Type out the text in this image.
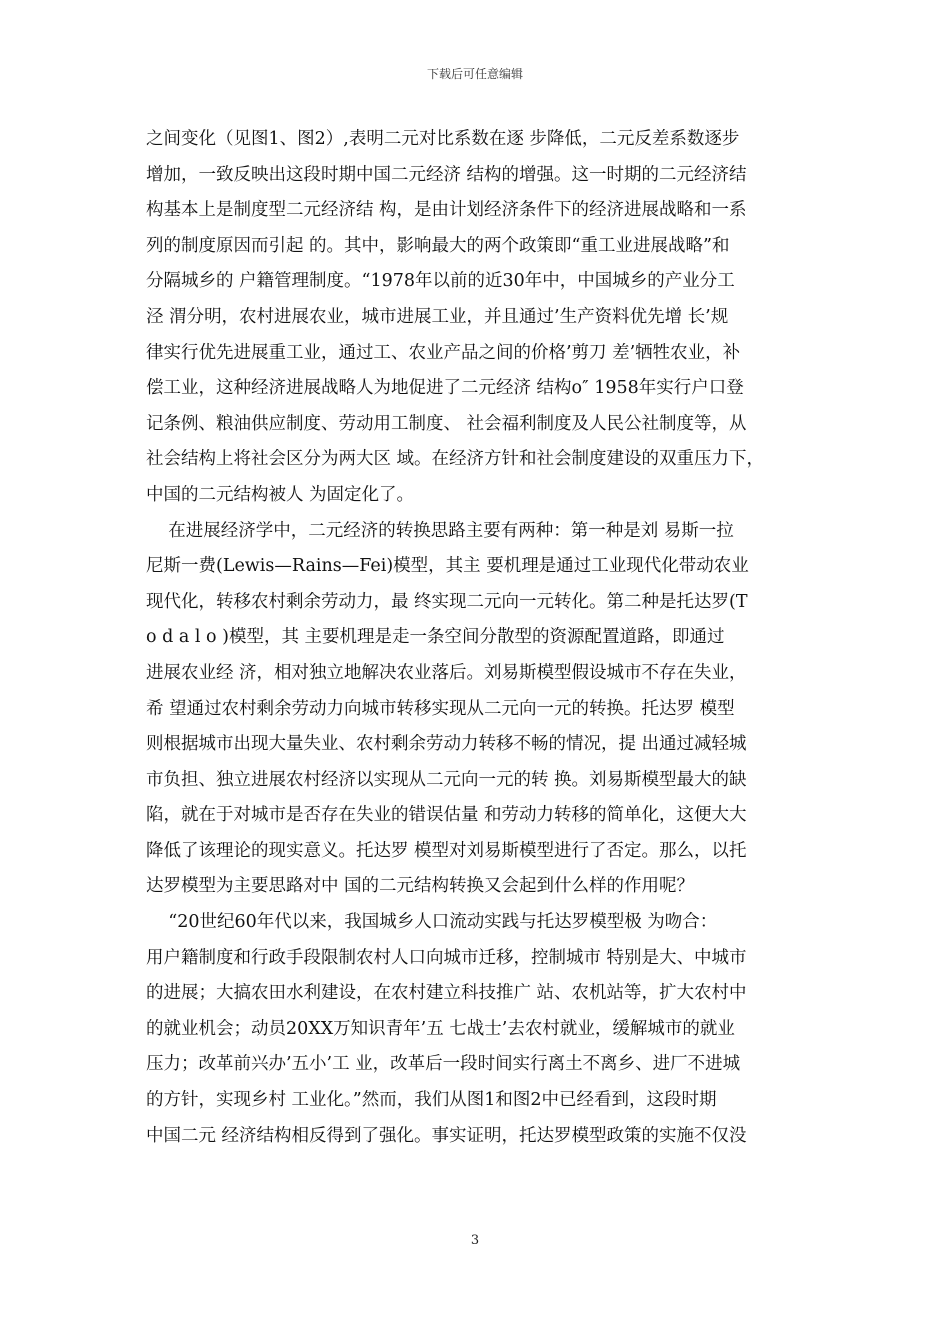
下载后可任意编辑
之间变化（见图1、图2）,表明二元对比系数在逐 步降低，二元反差系数逐步
增加，一致反映出这段时期中国二元经济 结构的增强。这一时期的二元经济结
构基本上是制度型二元经济结 构，是由计划经济条件下的经济进展战略和一系
列的制度原因而引起 的。其中，影响最大的两个政策即“重工业进展战略”和
分隔城乡的 户籍管理制度。“1978年以前的近30年中，中国城乡的产业分工
泾 渭分明，农村进展农业，城市进展工业，并且通过’生产资料优先增 长’规
律实行优先进展重工业，通过工、农业产品之间的价格’剪刀 差’牺牲农业，补
偿工业，这种经济进展战略人为地促进了二元经济 结构o″ 1958年实行户口登
记条例、粮油供应制度、劳动用工制度、 社会福利制度及人民公社制度等，从
社会结构上将社会区分为两大区 域。在经济方针和社会制度建设的双重压力下，
中国的二元结构被人 为固定化了。
在进展经济学中，二元经济的转换思路主要有两种：第一种是刘 易斯一拉
尼斯一费(Lewis—Rains—Fei)模型，其主 要机理是通过工业现代化带动农业
现代化，转移农村剩余劳动力，最 终实现二元向一元转化。第二种是托达罗(T
o d a l o )模型，其 主要机理是走一条空间分散型的资源配置道路，即通过
进展农业经 济，相对独立地解决农业落后。刘易斯模型假设城市不存在失业，
希 望通过农村剩余劳动力向城市转移实现从二元向一元的转换。托达罗 模型
则根据城市出现大量失业、农村剩余劳动力转移不畅的情况，提 出通过减轻城
市负担、独立进展农村经济以实现从二元向一元的转 换。刘易斯模型最大的缺
陷，就在于对城市是否存在失业的错误估量 和劳动力转移的简单化，这便大大
降低了该理论的现实意义。托达罗 模型对刘易斯模型进行了否定。那么，以托
达罗模型为主要思路对中 国的二元结构转换又会起到什么样的作用呢？
“20世纪60年代以来，我国城乡人口流动实践与托达罗模型极 为吻合：
用户籍制度和行政手段限制农村人口向城市迁移，控制城市 特别是大、中城市
的进展；大搞农田水利建设，在农村建立科技推广 站、农机站等，扩大农村中
的就业机会；动员20XX万知识青年’五 七战士’去农村就业，缓解城市的就业
压力；改革前兴办’五小’工 业，改革后一段时间实行离土不离乡、进厂不进城
的方针，实现乡村 工业化。”然而，我们从图1和图2中已经看到，这段时期
中国二元 经济结构相反得到了强化。事实证明，托达罗模型政策的实施不仅没
3
